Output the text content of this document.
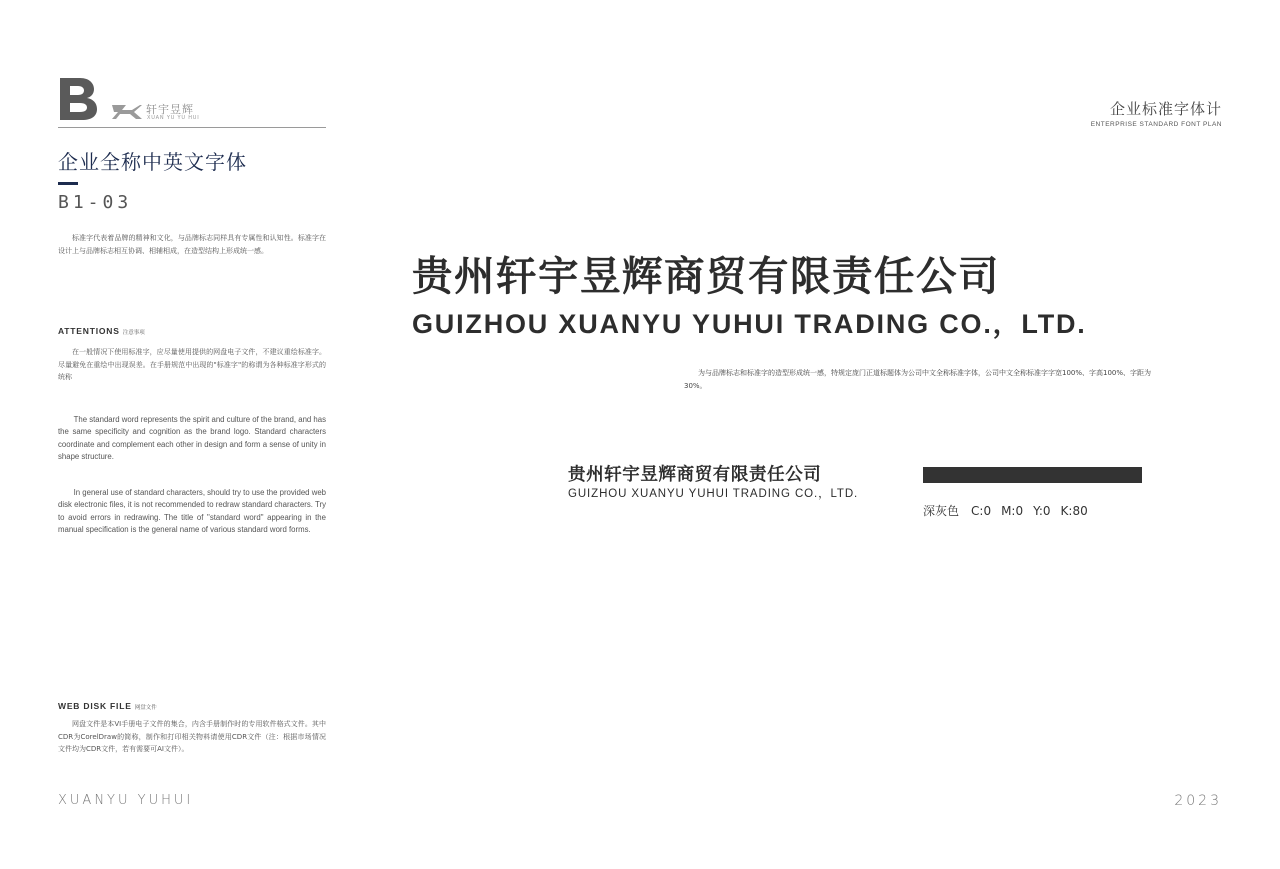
轩宇昱辉
XUAN YU YU HUI
企业全称中英文字体
B1-03
标准字代表着品牌的精神和文化，与品牌标志同样具有专属性和认知性。标准字在设计上与品牌标志相互协调、相辅相成，在造型结构上形成统一感。
ATTENTIONS 注意事项
在一般情况下使用标准字，应尽量使用提供的网盘电子文件，不建议重绘标准字。尽量避免在重绘中出现误差。在手册规范中出现的"标准字"的称谓为各种标准字形式的统称
The standard word represents the spirit and culture of the brand, and has the same specificity and cognition as the brand logo. Standard characters coordinate and complement each other in design and form a sense of unity in shape structure.
In general use of standard characters, should try to use the provided web disk electronic files, it is not recommended to redraw standard characters. Try to avoid errors in redrawing. The title of "standard word" appearing in the manual specification is the general name of various standard word forms.
WEB DISK FILE 网盘文件
网盘文件是本VI手册电子文件的集合，内含手册制作时的专用软件格式文件。其中CDR为CorelDraw的简称，制作和打印相关物料请使用CDR文件（注：根据市场情况文件均为CDR文件，若有需要可AI文件）。
XUANYU YUHUI
企业标准字体计
ENTERPRISE STANDARD FONT PLAN
贵州轩宇昱辉商贸有限责任公司
GUIZHOU XUANYU YUHUI TRADING CO.，LTD.
为与品牌标志和标准字的造型形成统一感，特规定庞门正道标题体为公司中文全称标准字体，公司中文全称标准字字宽100%、字高100%、字距为30%。
贵州轩宇昱辉商贸有限责任公司
GUIZHOU XUANYU YUHUI TRADING CO.，LTD.
深灰色 C:0 M:0 Y:0 K:80
2023
